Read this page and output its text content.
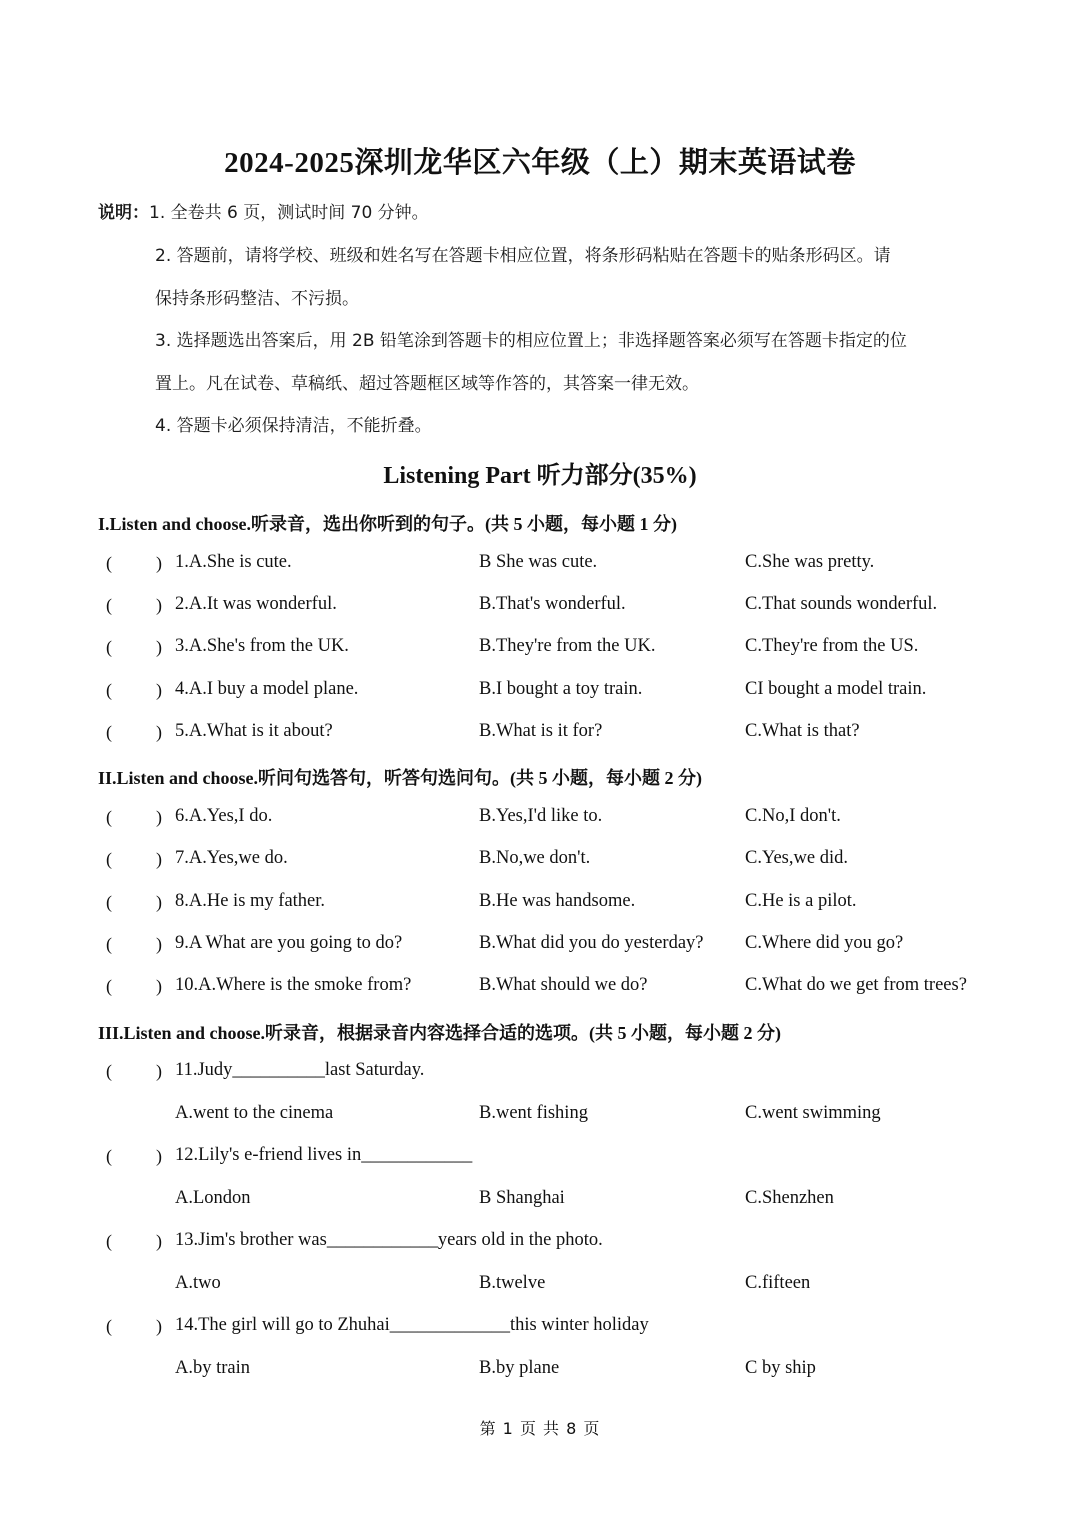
2024-2025深圳龙华区六年级（上）期末英语试卷
说明：1. 全卷共 6 页，测试时间 70 分钟。
2. 答题前，请将学校、班级和姓名写在答题卡相应位置，将条形码粘贴在答题卡的贴条形码区。请
保持条形码整洁、不污损。
3. 选择题选出答案后，用 2B 铅笔涂到答题卡的相应位置上；非选择题答案必须写在答题卡指定的位
置上。凡在试卷、草稿纸、超过答题框区域等作答的，其答案一律无效。
4. 答题卡必须保持清洁，不能折叠。
Listening Part 听力部分(35%)
I.Listen and choose.听录音，选出你听到的句子。(共 5 小题，每小题 1 分)
( ) 1.A.She is cute.	B She was cute.	C.She was pretty.
( ) 2.A.It was wonderful.	B.That's wonderful.	C.That sounds wonderful.
( ) 3.A.She's from the UK.	B.They're from the UK.	C.They're from the US.
( ) 4.A.I buy a model plane.	B.I bought a toy train.	CI bought a model train.
( ) 5.A.What is it about?	B.What is it for?	C.What is that?
II.Listen and choose.听问句选答句，听答句选问句。(共 5 小题，每小题 2 分)
( ) 6.A.Yes,I do.	B.Yes,I'd like to.	C.No,I don't.
( ) 7.A.Yes,we do.	B.No,we don't.	C.Yes,we did.
( ) 8.A.He is my father.	B.He was handsome.	C.He is a pilot.
( ) 9.A What are you going to do?	B.What did you do yesterday? C.Where did you go?
( ) 10.A.Where is the smoke from?	B.What should we do?	C.What do we get from trees?
III.Listen and choose.听录音，根据录音内容选择合适的选项。(共 5 小题，每小题 2 分)
( ) 11.Judy__________last Saturday.
A.went to the cinema	B.went fishing	C.went swimming
( ) 12.Lily's e-friend lives in____________
A.London	B Shanghai	C.Shenzhen
( ) 13.Jim's brother was____________years old in the photo.
A.two	B.twelve	C.fifteen
( ) 14.The girl will go to Zhuhai_____________this winter holiday
A.by train	B.by plane	C by ship
第 1 页 共 8 页
